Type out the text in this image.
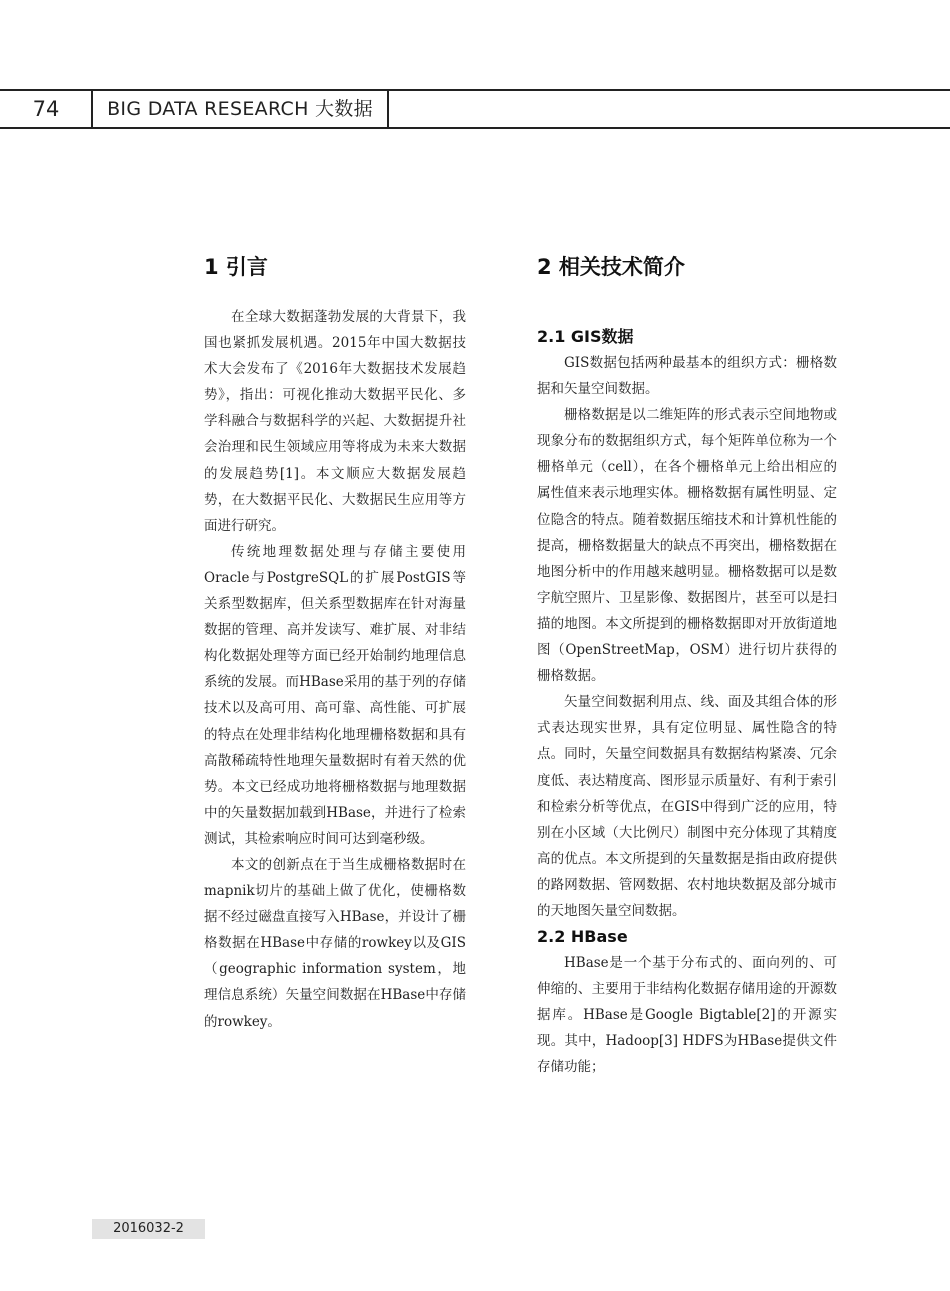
74	BIG DATA RESEARCH 大数据
1 引言

在全球大数据蓬勃发展的大背景下，我国也紧抓发展机遇。2015年中国大数据技术大会发布了《2016年大数据技术发展趋势》，指出：可视化推动大数据平民化、多学科融合与数据科学的兴起、大数据提升社会治理和民生领域应用等将成为未来大数据的发展趋势[1]。本文顺应大数据发展趋势，在大数据平民化、大数据民生应用等方面进行研究。

传统地理数据处理与存储主要使用Oracle与PostgreSQL的扩展PostGIS等关系型数据库，但关系型数据库在针对海量数据的管理、高并发读写、难扩展、对非结构化数据处理等方面已经开始制约地理信息系统的发展。而HBase采用的基于列的存储技术以及高可用、高可靠、高性能、可扩展的特点在处理非结构化地理栅格数据和具有高散稀疏特性地理矢量数据时有着天然的优势。本文已经成功地将栅格数据与地理数据中的矢量数据加载到HBase，并进行了检索测试，其检索响应时间可达到毫秒级。

本文的创新点在于当生成栅格数据时在mapnik切片的基础上做了优化，使栅格数据不经过磁盘直接写入HBase，并设计了栅格数据在HBase中存储的rowkey以及GIS（geographic information system，地理信息系统）矢量空间数据在HBase中存储的rowkey。

2 相关技术简介
2.1 GIS数据

GIS数据包括两种最基本的组织方式：栅格数据和矢量空间数据。

栅格数据是以二维矩阵的形式表示空间地物或现象分布的数据组织方式，每个矩阵单位称为一个栅格单元（cell），在各个栅格单元上给出相应的属性值来表示地理实体。栅格数据有属性明显、定位隐含的特点。随着数据压缩技术和计算机性能的提高，栅格数据量大的缺点不再突出，栅格数据在地图分析中的作用越来越明显。栅格数据可以是数字航空照片、卫星影像、数据图片，甚至可以是扫描的地图。本文所提到的栅格数据即对开放街道地图（OpenStreetMap，OSM）进行切片获得的栅格数据。

矢量空间数据利用点、线、面及其组合体的形式表达现实世界，具有定位明显、属性隐含的特点。同时，矢量空间数据具有数据结构紧凑、冗余度低、表达精度高、图形显示质量好、有利于索引和检索分析等优点，在GIS中得到广泛的应用，特别在小区域（大比例尺）制图中充分体现了其精度高的优点。本文所提到的矢量数据是指由政府提供的路网数据、管网数据、农村地块数据及部分城市的天地图矢量空间数据。

2.2 HBase

HBase是一个基于分布式的、面向列的、可伸缩的、主要用于非结构化数据存储用途的开源数据库。HBase是Google Bigtable[2]的开源实现。其中，Hadoop[3] HDFS为HBase提供文件存储功能；

2016032-2
